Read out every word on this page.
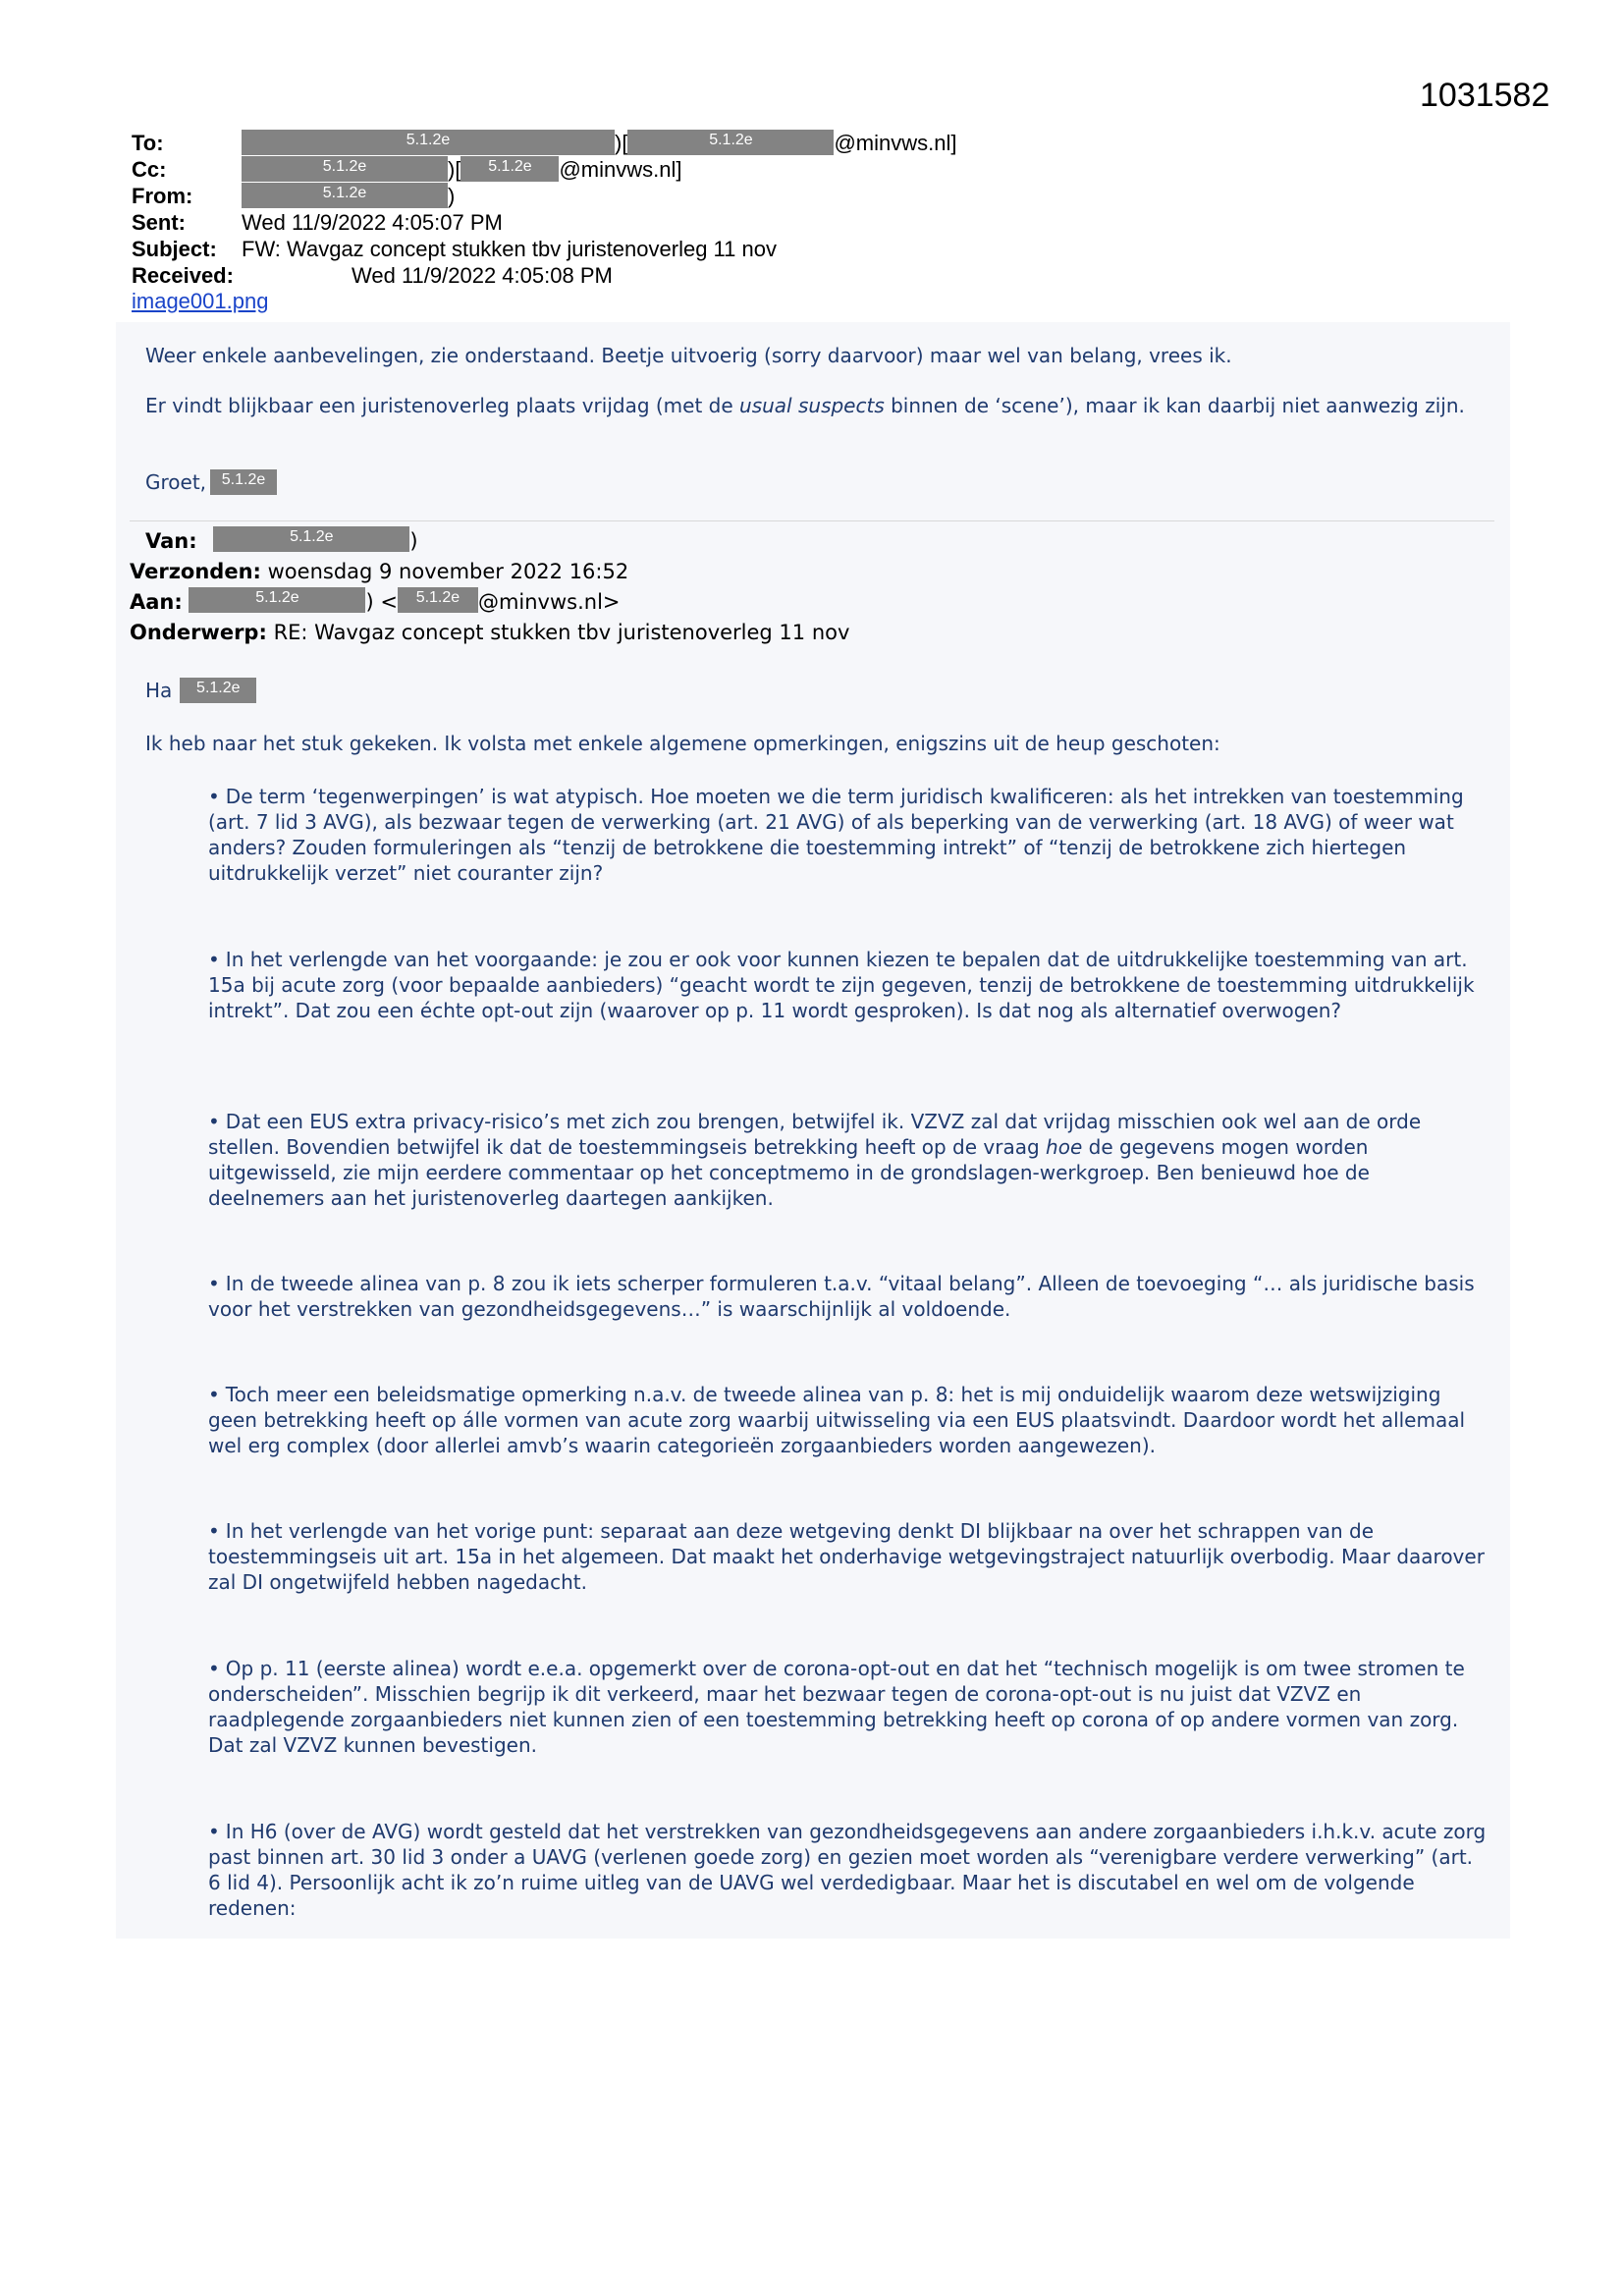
1031582
To:	5.1.2e	)[	5.1.2e	@minvws.nl]
Cc:	5.1.2e	)[ 5.1.2e @minvws.nl]
From:	5.1.2e	)
Sent:	Wed 11/9/2022 4:05:07 PM
Subject: FW: Wavgaz concept stukken tbv juristenoverleg 11 nov
Received:	Wed 11/9/2022 4:05:08 PM
image001.png
Weer enkele aanbevelingen, zie onderstaand. Beetje uitvoerig (sorry daarvoor) maar wel van belang, vrees ik.
Er vindt blijkbaar een juristenoverleg plaats vrijdag (met de usual suspects binnen de ‘scene’), maar ik kan daarbij niet aanwezig zijn.
Groet, 5.1.2e
Van:	5.1.2e	)
Verzonden: woensdag 9 november 2022 16:52
Aan:	5.1.2e	) < 5.1.2e @minvws.nl>
Onderwerp: RE: Wavgaz concept stukken tbv juristenoverleg 11 nov
Ha 5.1.2e
Ik heb naar het stuk gekeken. Ik volsta met enkele algemene opmerkingen, enigszins uit de heup geschoten:
• De term ‘tegenwerpingen’ is wat atypisch. Hoe moeten we die term juridisch kwalificeren: als het intrekken van toestemming (art. 7 lid 3 AVG), als bezwaar tegen de verwerking (art. 21 AVG) of als beperking van de verwerking (art. 18 AVG) of weer wat anders? Zouden formuleringen als “tenzij de betrokkene die toestemming intrekt” of “tenzij de betrokkene zich hiertegen uitdrukkelijk verzet” niet couranter zijn?
• In het verlengde van het voorgaande: je zou er ook voor kunnen kiezen te bepalen dat de uitdrukkelijke toestemming van art. 15a bij acute zorg (voor bepaalde aanbieders) “geacht wordt te zijn gegeven, tenzij de betrokkene de toestemming uitdrukkelijk intrekt”. Dat zou een échte opt-out zijn (waarover op p. 11 wordt gesproken). Is dat nog als alternatief overwogen?
• Dat een EUS extra privacy-risico’s met zich zou brengen, betwijfel ik. VZVZ zal dat vrijdag misschien ook wel aan de orde stellen. Bovendien betwijfel ik dat de toestemmingseis betrekking heeft op de vraag hoe de gegevens mogen worden uitgewisseld, zie mijn eerdere commentaar op het conceptmemo in de grondslagen-werkgroep. Ben benieuwd hoe de deelnemers aan het juristenoverleg daartegen aankijken.
• In de tweede alinea van p. 8 zou ik iets scherper formuleren t.a.v. “vitaal belang”. Alleen de toevoeging “… als juridische basis voor het verstrekken van gezondheidsgegevens…” is waarschijnlijk al voldoende.
• Toch meer een beleidsmatige opmerking n.a.v. de tweede alinea van p. 8: het is mij onduidelijk waarom deze wetswijziging geen betrekking heeft op álle vormen van acute zorg waarbij uitwisseling via een EUS plaatsvindt. Daardoor wordt het allemaal wel erg complex (door allerlei amvb’s waarin categorieën zorgaanbieders worden aangewezen).
• In het verlengde van het vorige punt: separaat aan deze wetgeving denkt DI blijkbaar na over het schrappen van de toestemmingseis uit art. 15a in het algemeen. Dat maakt het onderhavige wetgevingstraject natuurlijk overbodig. Maar daarover zal DI ongetwijfeld hebben nagedacht.
• Op p. 11 (eerste alinea) wordt e.e.a. opgemerkt over de corona-opt-out en dat het “technisch mogelijk is om twee stromen te onderscheiden”. Misschien begrijp ik dit verkeerd, maar het bezwaar tegen de corona-opt-out is nu juist dat VZVZ en raadplegende zorgaanbieders niet kunnen zien of een toestemming betrekking heeft op corona of op andere vormen van zorg. Dat zal VZVZ kunnen bevestigen.
• In H6 (over de AVG) wordt gesteld dat het verstrekken van gezondheidsgegevens aan andere zorgaanbieders i.h.k.v. acute zorg past binnen art. 30 lid 3 onder a UAVG (verlenen goede zorg) en gezien moet worden als “verenigbare verdere verwerking” (art. 6 lid 4). Persoonlijk acht ik zo’n ruime uitleg van de UAVG wel verdedigbaar. Maar het is discutabel en wel om de volgende redenen:
